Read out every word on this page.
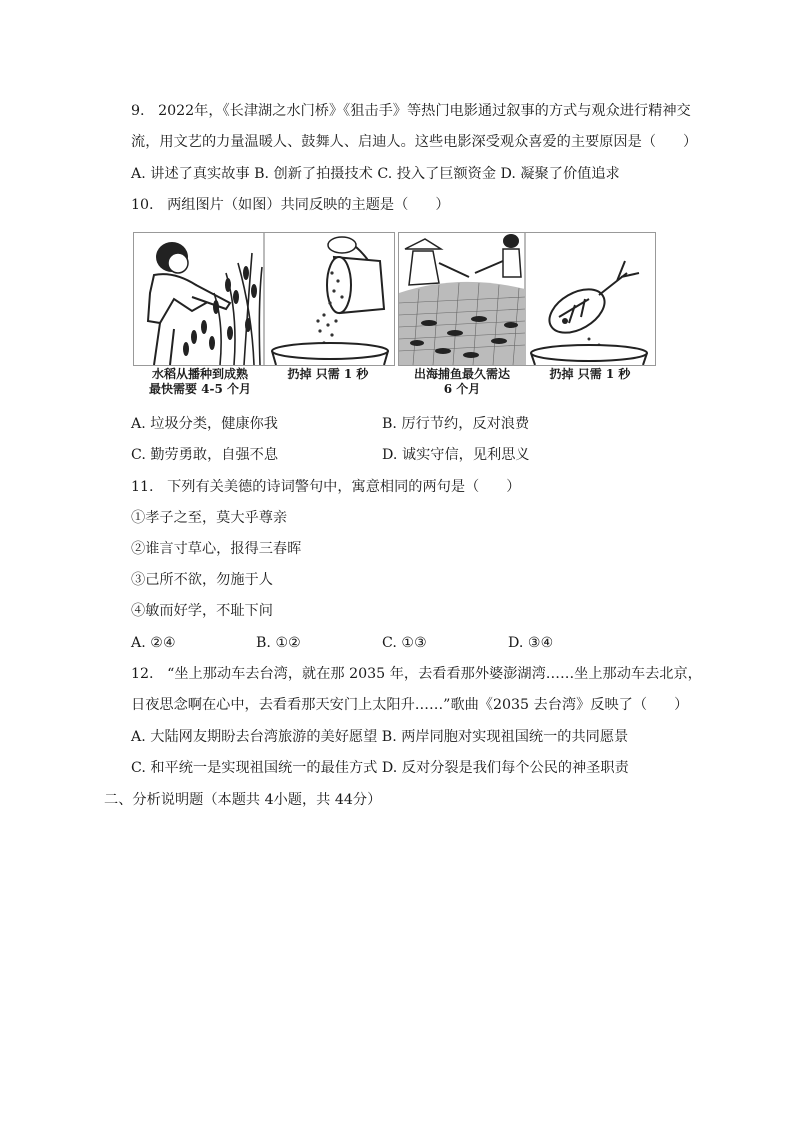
9.   2022年，《长津湖之水门桥》《狙击手》等热门电影通过叙事的方式与观众进行精神交
流，用文艺的力量温暖人、鼓舞人、启迪人。这些电影深受观众喜爱的主要原因是（      ）
A. 讲述了真实故事 B. 创新了拍摄技术 C. 投入了巨额资金 D. 凝聚了价值追求
10.   两组图片（如图）共同反映的主题是（      ）
水稻从播种到成熟
最快需要 4-5 个月
扔掉 只需 1 秒	出海捕鱼最久需达
6 个月
扔掉 只需 1 秒
A. 垃圾分类，健康你我	B. 厉行节约，反对浪费
C. 勤劳勇敢，自强不息	D. 诚实守信，见利思义
11.   下列有关美德的诗词警句中，寓意相同的两句是（      ）
①孝子之至，莫大乎尊亲
②谁言寸草心，报得三春晖
③己所不欲，勿施于人
④敏而好学，不耻下问
A. ②④	B. ①②	C. ①③	D. ③④
12.   “坐上那动车去台湾，就在那 2035 年，去看看那外婆澎湖湾……坐上那动车去北京，
日夜思念啊在心中，去看看那天安门上太阳升……”歌曲《2035 去台湾》反映了（      ）
A. 大陆网友期盼去台湾旅游的美好愿望 B. 两岸同胞对实现祖国统一的共同愿景
C. 和平统一是实现祖国统一的最佳方式 D. 反对分裂是我们每个公民的神圣职责
二、分析说明题（本题共 4小题，共 44分）
